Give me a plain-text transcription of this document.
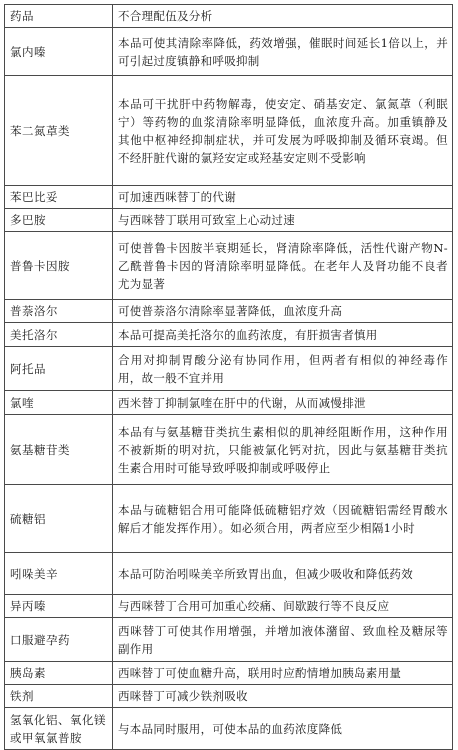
药品	不合理配伍及分析
氯内嗪	本品可使其清除率降低，药效增强，催眠时间延长1倍以上，并可引起过度镇静和呼吸抑制
苯二氮䓬类	本品可干扰肝中药物解毒，使安定、硝基安定、氯氮䓬（利眠宁）等药物的血浆清除率明显降低，血浓度升高。加重镇静及其他中枢神经抑制症状，并可发展为呼吸抑制及循环衰竭。但不经肝脏代谢的氯羟安定或羟基安定则不受影响
苯巴比妥	可加速西咪替丁的代谢
多巴胺	与西咪替丁联用可致室上心动过速
普鲁卡因胺	可使普鲁卡因胺半衰期延长，肾清除率降低，活性代谢产物N-乙酰普鲁卡因的肾清除率明显降低。在老年人及肾功能不良者尤为显著
普萘洛尔	可使普萘洛尔清除率显著降低，血浓度升高
美托洛尔	本品可提高美托洛尔的血药浓度，有肝损害者慎用
阿托品	合用对抑制胃酸分泌有协同作用，但两者有相似的神经毒作用，故一般不宜并用
氯喹	西米替丁抑制氯喹在肝中的代谢，从而减慢排泄
氨基糖苷类	本品有与氨基糖苷类抗生素相似的肌神经阻断作用，这种作用不被新斯的明对抗，只能被氯化钙对抗，因此与氨基糖苷类抗生素合用时可能导致呼吸抑制或呼吸停止
硫糖铝	本品与硫糖铝合用可能降低硫糖铝疗效（因硫糖铝需经胃酸水解后才能发挥作用）。如必须合用，两者应至少相隔1小时
吲哚美辛	本品可防治吲哚美辛所致胃出血，但减少吸收和降低药效
异丙嗪	与西咪替丁合用可加重心绞痛、间歇跛行等不良反应
口服避孕药	西咪替丁可使其作用增强，并增加液体潴留、致血栓及糖尿等副作用
胰岛素	西咪替丁可使血糖升高，联用时应酌情增加胰岛素用量
铁剂	西咪替丁可减少铁剂吸收
氢氧化铝、氧化镁或甲氧氯普胺	与本品同时服用，可使本品的血药浓度降低
